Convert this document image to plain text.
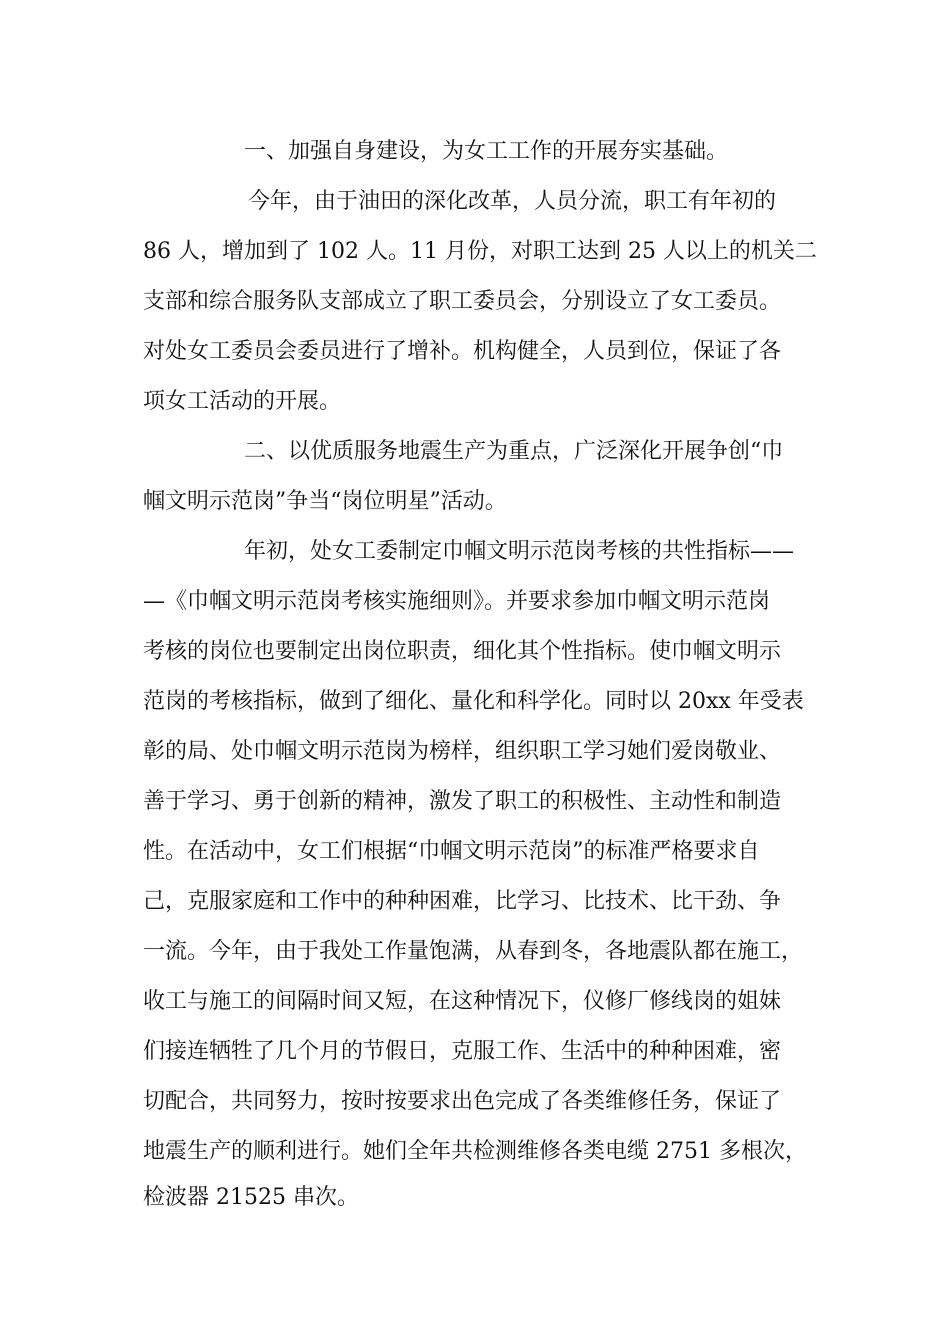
一、加强自身建设，为女工工作的开展夯实基础。
今年，由于油田的深化改革，人员分流，职工有年初的
86 人，增加到了 102 人。11 月份，对职工达到 25 人以上的机关二
支部和综合服务队支部成立了职工委员会，分别设立了女工委员。
对处女工委员会委员进行了增补。机构健全，人员到位，保证了各
项女工活动的开展。
二、以优质服务地震生产为重点，广泛深化开展争创“巾
帼文明示范岗”争当“岗位明星”活动。
年初，处女工委制定巾帼文明示范岗考核的共性指标——
—《巾帼文明示范岗考核实施细则》。并要求参加巾帼文明示范岗
考核的岗位也要制定出岗位职责，细化其个性指标。使巾帼文明示
范岗的考核指标，做到了细化、量化和科学化。同时以 20xx 年受表
彰的局、处巾帼文明示范岗为榜样，组织职工学习她们爱岗敬业、
善于学习、勇于创新的精神，激发了职工的积极性、主动性和制造
性。在活动中，女工们根据“巾帼文明示范岗”的标准严格要求自
己，克服家庭和工作中的种种困难，比学习、比技术、比干劲、争
一流。今年，由于我处工作量饱满，从春到冬，各地震队都在施工，
收工与施工的间隔时间又短，在这种情况下，仪修厂修线岗的姐妹
们接连牺牲了几个月的节假日，克服工作、生活中的种种困难，密
切配合，共同努力，按时按要求出色完成了各类维修任务，保证了
地震生产的顺利进行。她们全年共检测维修各类电缆 2751 多根次，
检波器 21525 串次。
